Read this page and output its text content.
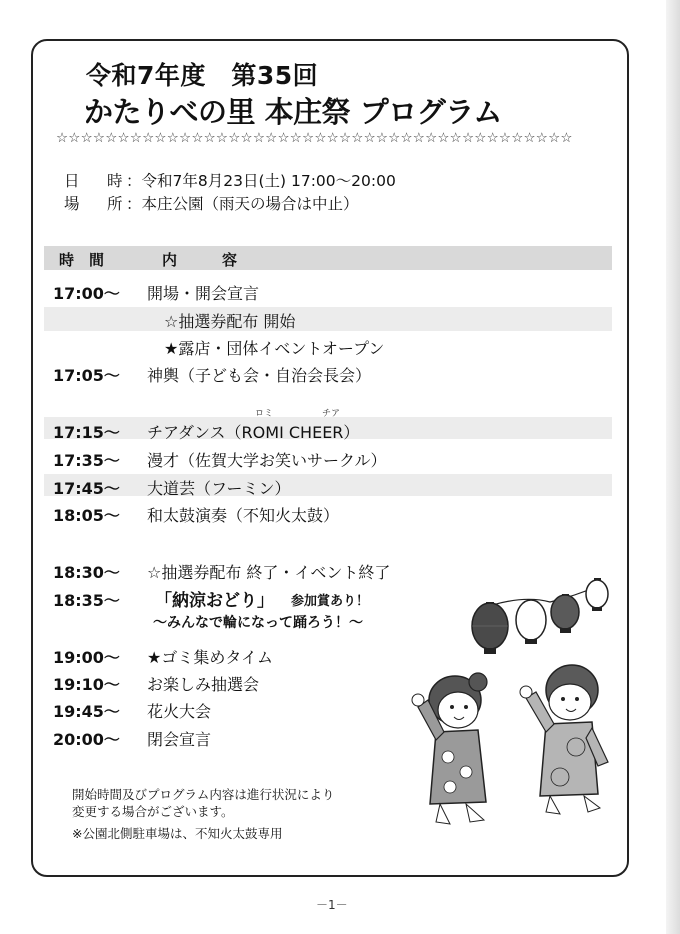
令和7年度　第35回
かたりべの里 本庄祭 プログラム
☆☆☆☆☆☆☆☆☆☆☆☆☆☆☆☆☆☆☆☆☆☆☆☆☆☆☆☆☆☆☆☆☆☆☆☆☆☆☆☆☆☆
日　時：令和7年8月23日(土) 17:00～20:00
場　所：本庄公園（雨天の場合は中止）
時　間	内　　　容
17:00～ 開場・開会宣言
☆抽選券配布 開始
★露店・団体イベントオープン
17:05～ 神輿（子ども会・自治会長会）
ロミ	チア
17:15～ チアダンス（ROMI CHEER）
17:35～ 漫才（佐賀大学お笑いサークル）
17:45～ 大道芸（フーミン）
18:05～ 和太鼓演奏（不知火太鼓）
18:30～ ☆抽選券配布 終了・イベント終了
18:35～ 「納涼おどり」 参加賞あり！
～みんなで輪になって踊ろう！～
19:00～ ★ゴミ集めタイム
19:10～ お楽しみ抽選会
19:45～ 花火大会
20:00～ 閉会宣言
開始時間及びプログラム内容は進行状況により
変更する場合がございます。
※公園北側駐車場は、不知火太鼓専用
－1－
